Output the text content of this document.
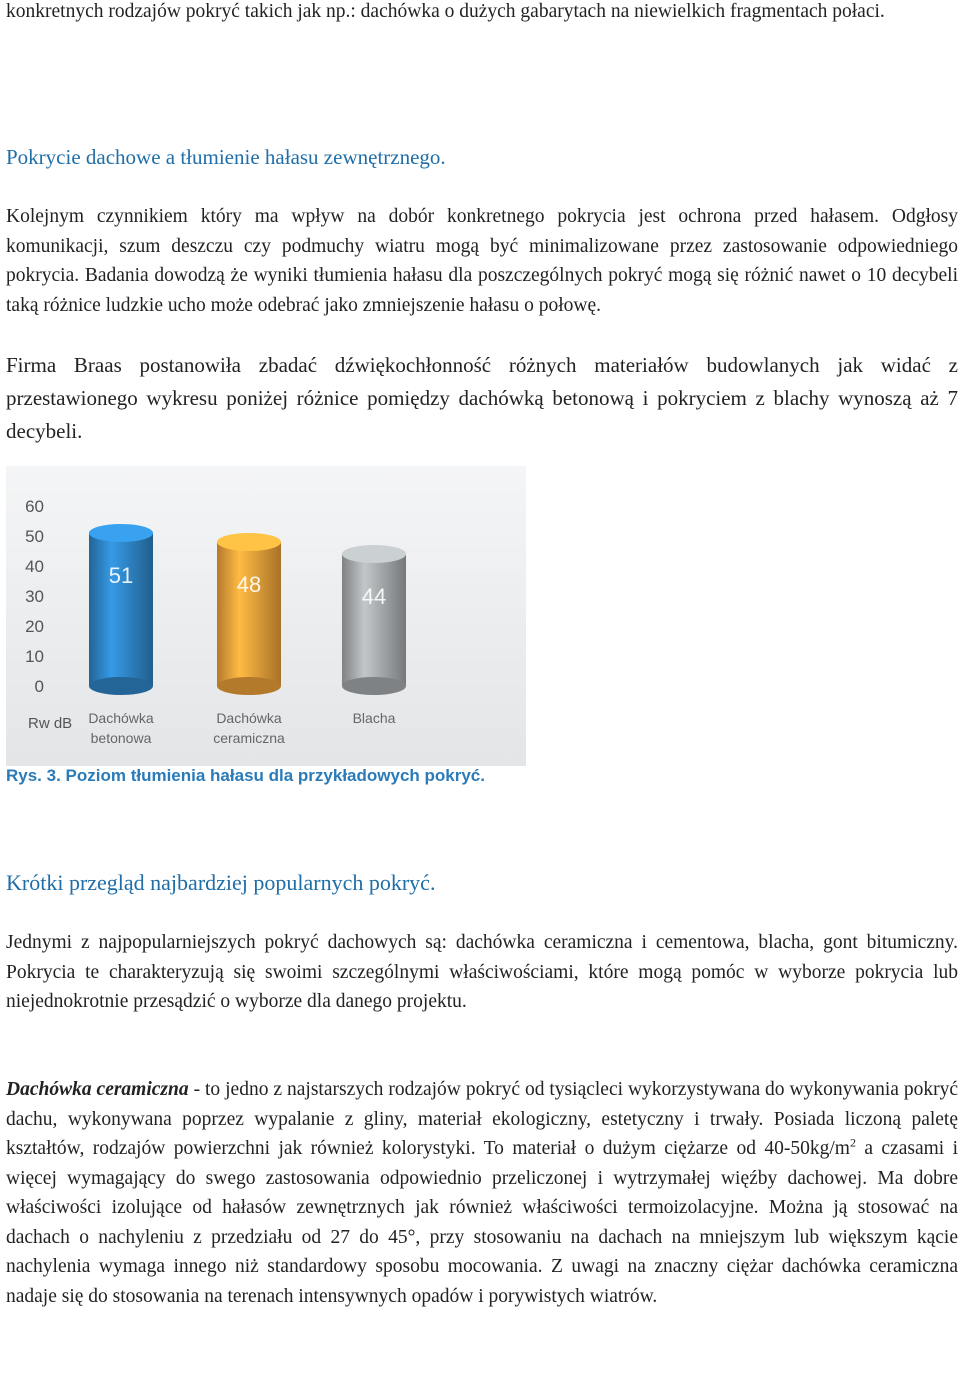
konkretnych rodzajów pokryć takich jak np.: dachówka o dużych gabarytach na niewielkich fragmentach połaci.

Pokrycie dachowe a tłumienie hałasu zewnętrznego.

Kolejnym czynnikiem który ma wpływ na dobór konkretnego pokrycia jest ochrona przed hałasem. Odgłosy komunikacji, szum deszczu czy podmuchy wiatru mogą być minimalizowane przez zastosowanie odpowiedniego pokrycia. Badania dowodzą że wyniki tłumienia hałasu dla poszczególnych pokryć mogą się różnić nawet o 10 decybeli taką różnice ludzkie ucho może odebrać jako zmniejszenie hałasu o połowę.

Firma Braas postanowiła zbadać dźwiękochłonność różnych materiałów budowlanych jak widać z przestawionego wykresu poniżej różnice pomiędzy dachówką betonową i pokryciem z blachy wynoszą aż 7 decybeli.

0
10
20
30
40
50
60
51	48	44
Rw dB Dachówka
betonowa
Dachówka
ceramiczna
Blacha
Rys. 3. Poziom tłumienia hałasu dla przykładowych pokryć.

Krótki przegląd najbardziej popularnych pokryć.

Jednymi z najpopularniejszych pokryć dachowych są: dachówka ceramiczna i cementowa, blacha, gont bitumiczny. Pokrycia te charakteryzują się swoimi szczególnymi właściwościami, które mogą pomóc w wyborze pokrycia lub niejednokrotnie przesądzić o wyborze dla danego projektu.

Dachówka ceramiczna - to jedno z najstarszych rodzajów pokryć od tysiącleci wykorzystywana do wykonywania pokryć dachu, wykonywana poprzez wypalanie z gliny, materiał ekologiczny, estetyczny i trwały. Posiada liczoną paletę kształtów, rodzajów powierzchni jak również kolorystyki. To materiał o dużym ciężarze od $40-50kg/m^2$ a czasami i więcej wymagający do swego zastosowania odpowiednio przeliczonej i wytrzymałej więźby dachowej. Ma dobre właściwości izolujące od hałasów zewnętrznych jak również właściwości termoizolacyjne. Można ją stosować na dachach o nachyleniu z przedziału od 27 do 45°, przy stosowaniu na dachach na mniejszym lub większym kącie nachylenia wymaga innego niż standardowy sposobu mocowania. Z uwagi na znaczny ciężar dachówka ceramiczna nadaje się do stosowania na terenach intensywnych opadów i porywistych wiatrów.
